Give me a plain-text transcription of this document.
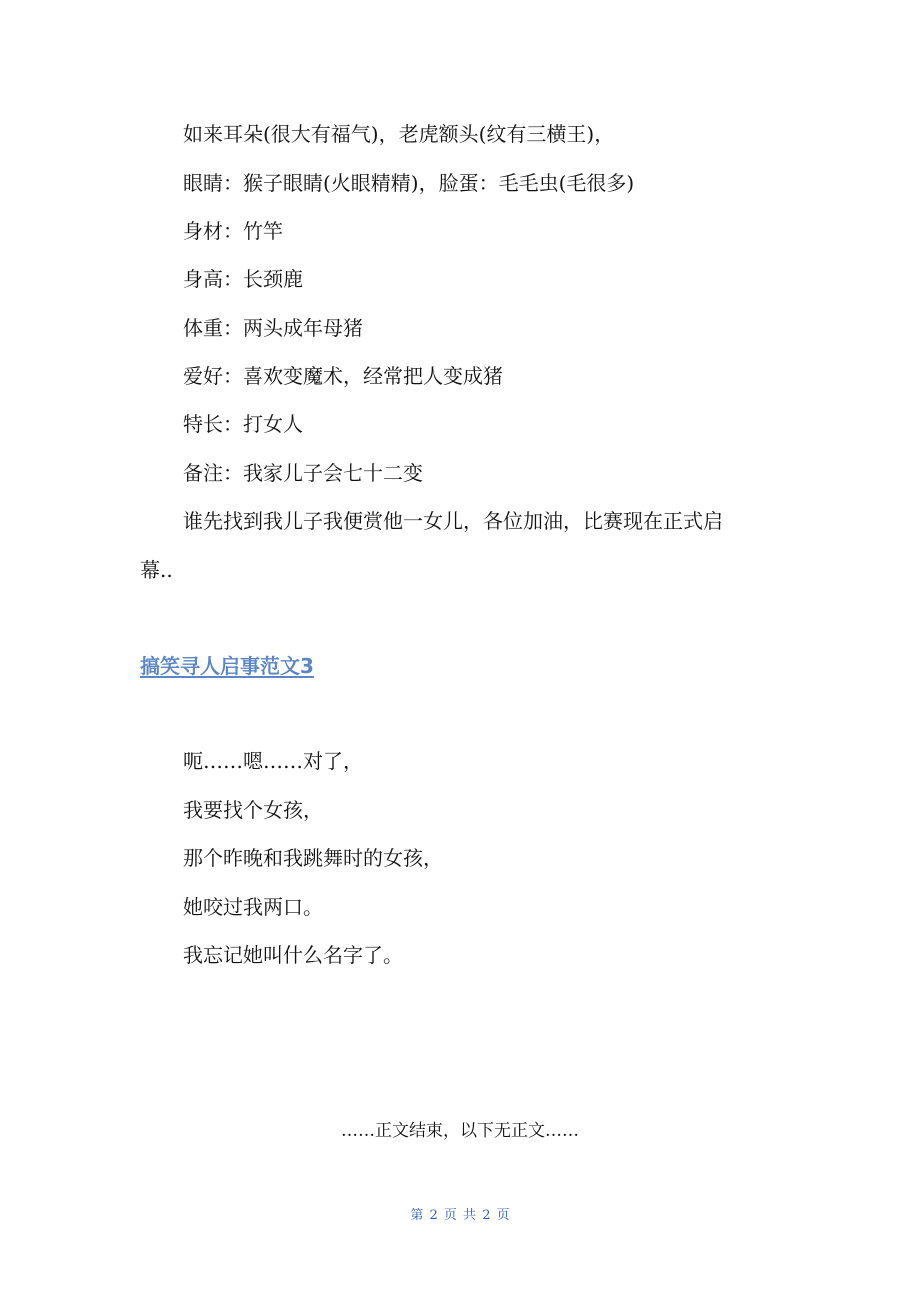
如来耳朵(很大有福气)，老虎额头(纹有三横王)，
眼睛：猴子眼睛(火眼精精)，脸蛋：毛毛虫(毛很多)
身材：竹竿
身高：长颈鹿
体重：两头成年母猪
爱好：喜欢变魔术，经常把人变成猪
特长：打女人
备注：我家儿子会七十二变
谁先找到我儿子我便赏他一女儿，各位加油，比赛现在正式启
幕..
搞笑寻人启事范文3
呃……嗯……对了，
我要找个女孩，
那个昨晚和我跳舞时的女孩，
她咬过我两口。
我忘记她叫什么名字了。
……正文结束，以下无正文……
第 2 页 共 2 页
